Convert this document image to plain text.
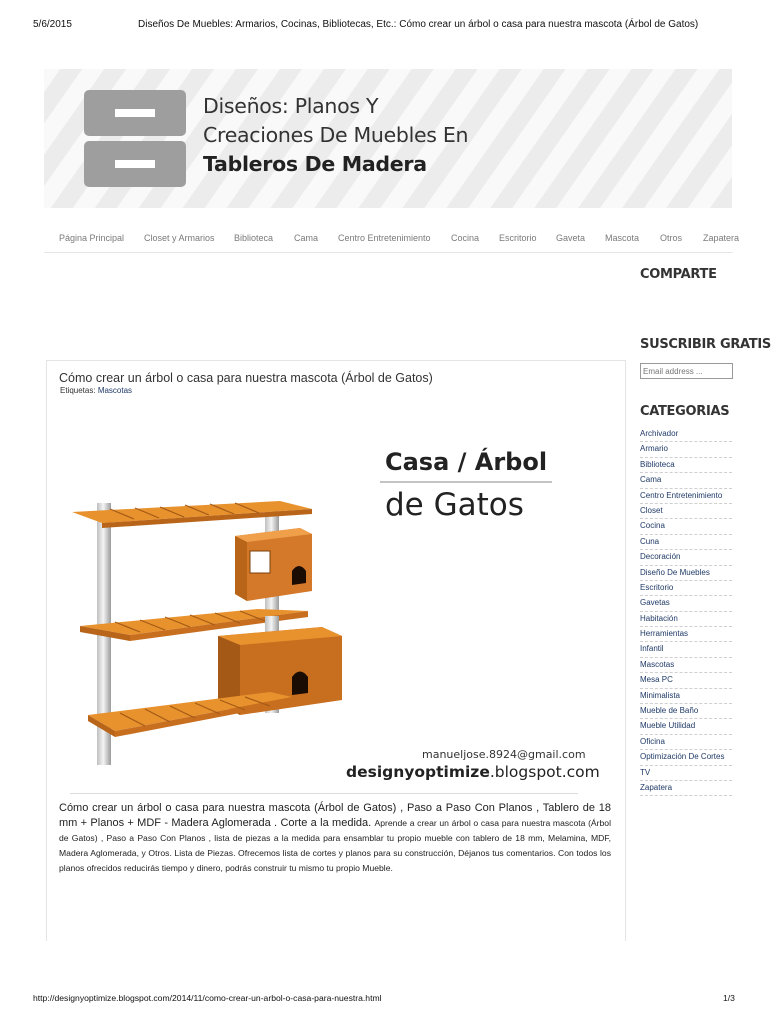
5/6/2015	Diseños De Muebles: Armarios, Cocinas, Bibliotecas, Etc.: Cómo crear un árbol o casa para nuestra mascota (Árbol de Gatos)
Diseños: Planos Y
Creaciones De Muebles En
Tableros De Madera
Página Principal Closet y Armarios Biblioteca Cama Centro Entretenimiento Cocina Escritorio Gaveta Mascota Otros Zapatera
COMPARTE
SUSCRIBIR GRATIS
Email address ...
CATEGORIAS
Archivador
Armario
Biblioteca
Cama
Centro Entretenimiento
Closet
Cocina
Cuna
Decoración
Diseño De Muebles
Escritorio
Gavetas
Habitación
Herramientas
Infantil
Mascotas
Mesa PC
Minimalista
Mueble de Baño
Mueble Utilidad
Oficina
Optimización De Cortes
TV
Zapatera
Cómo crear un árbol o casa para nuestra mascota (Árbol de Gatos)
Etiquetas: Mascotas
Casa / Árbol
de Gatos
manueljose.8924@gmail.com
designyoptimize.blogspot.com
Cómo crear un árbol o casa para nuestra mascota (Árbol de Gatos) , Paso a Paso Con Planos , Tablero de 18 mm + Planos + MDF - Madera Aglomerada . Corte a la medida. Aprende a crear un árbol o casa para nuestra mascota (Árbol de Gatos) , Paso a Paso Con Planos , lista de piezas a la medida para ensamblar tu propio mueble con tablero de 18 mm, Melamina, MDF, Madera Aglomerada, y Otros. Lista de Piezas. Ofrecemos lista de cortes y planos para su construcción, Déjanos tus comentarios. Con todos los planos ofrecidos reducirás tiempo y dinero, podrás construir tu mismo tu propio Mueble.
http://designyoptimize.blogspot.com/2014/11/como-crear-un-arbol-o-casa-para-nuestra.html	1/3
